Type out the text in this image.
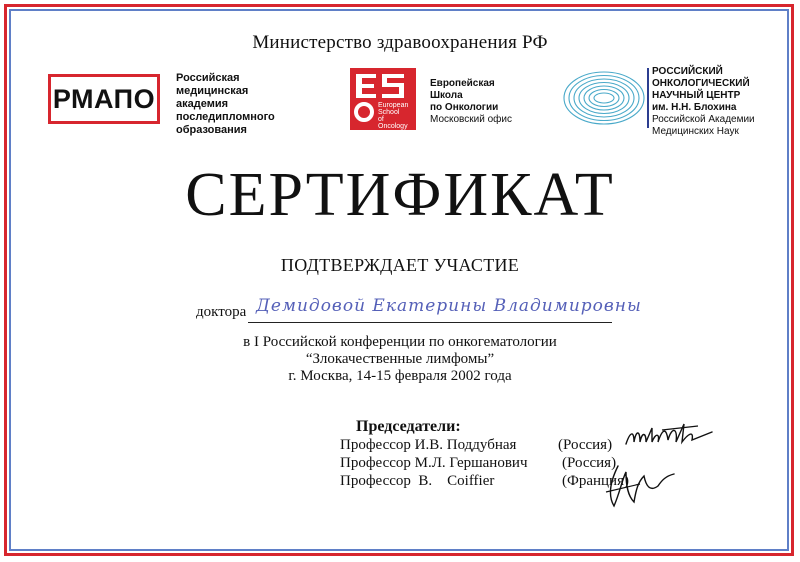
Министерство здравоохранения РФ
РМАПО
Российская
медицинская
академия
последипломного
образования
European
School
of
Oncology
Европейская
Школа
по Онкологии
Московский офис
РОССИЙСКИЙ
ОНКОЛОГИЧЕСКИЙ
НАУЧНЫЙ ЦЕНТР
им. Н.Н. Блохина
Российской Академии
Медицинских Наук
СЕРТИФИКАТ
ПОДТВЕРЖДАЕТ УЧАСТИЕ
доктора Демидовой Екатерины Владимировны
в I Российской конференции по онкогематологии
“Злокачественные лимфомы”
г. Москва, 14-15 февраля 2002 года
Председатели:
Профессор И.В. Поддубная	(Россия)
Профессор М.Л. Гершанович (Россия)
Профессор  В.    Coiffier	(Франция)
